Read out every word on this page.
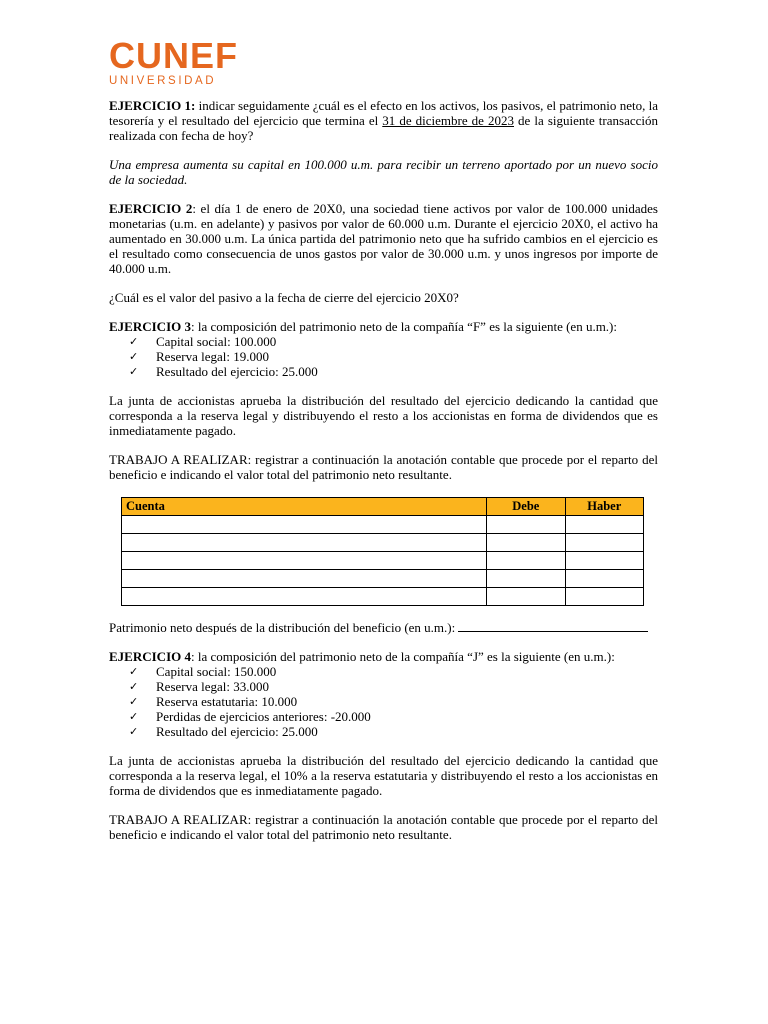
CUNEF
UNIVERSIDAD

EJERCICIO 1: indicar seguidamente ¿cuál es el efecto en los activos, los pasivos, el patrimonio neto, la tesorería y el resultado del ejercicio que termina el 31 de diciembre de 2023 de la siguiente transacción realizada con fecha de hoy?

Una empresa aumenta su capital en 100.000 u.m. para recibir un terreno aportado por un nuevo socio de la sociedad.

EJERCICIO 2: el día 1 de enero de 20X0, una sociedad tiene activos por valor de 100.000 unidades monetarias (u.m. en adelante) y pasivos por valor de 60.000 u.m. Durante el ejercicio 20X0, el activo ha aumentado en 30.000 u.m. La única partida del patrimonio neto que ha sufrido cambios en el ejercicio es el resultado como consecuencia de unos gastos por valor de 30.000 u.m. y unos ingresos por importe de 40.000 u.m.

¿Cuál es el valor del pasivo a la fecha de cierre del ejercicio 20X0?

EJERCICIO 3: la composición del patrimonio neto de la compañía “F” es la siguiente (en u.m.):

✓ Capital social: 100.000
✓ Reserva legal: 19.000
✓ Resultado del ejercicio: 25.000

La junta de accionistas aprueba la distribución del resultado del ejercicio dedicando la cantidad que corresponda a la reserva legal y distribuyendo el resto a los accionistas en forma de dividendos que es inmediatamente pagado.

TRABAJO A REALIZAR: registrar a continuación la anotación contable que procede por el reparto del beneficio e indicando el valor total del patrimonio neto resultante.

Cuenta	Debe	Haber

Patrimonio neto después de la distribución del beneficio (en u.m.):

EJERCICIO 4: la composición del patrimonio neto de la compañía “J” es la siguiente (en u.m.):

✓ Capital social: 150.000
✓ Reserva legal: 33.000
✓ Reserva estatutaria: 10.000
✓ Perdidas de ejercicios anteriores: -20.000
✓ Resultado del ejercicio: 25.000

La junta de accionistas aprueba la distribución del resultado del ejercicio dedicando la cantidad que corresponda a la reserva legal, el 10% a la reserva estatutaria y distribuyendo el resto a los accionistas en forma de dividendos que es inmediatamente pagado.

TRABAJO A REALIZAR: registrar a continuación la anotación contable que procede por el reparto del beneficio e indicando el valor total del patrimonio neto resultante.
